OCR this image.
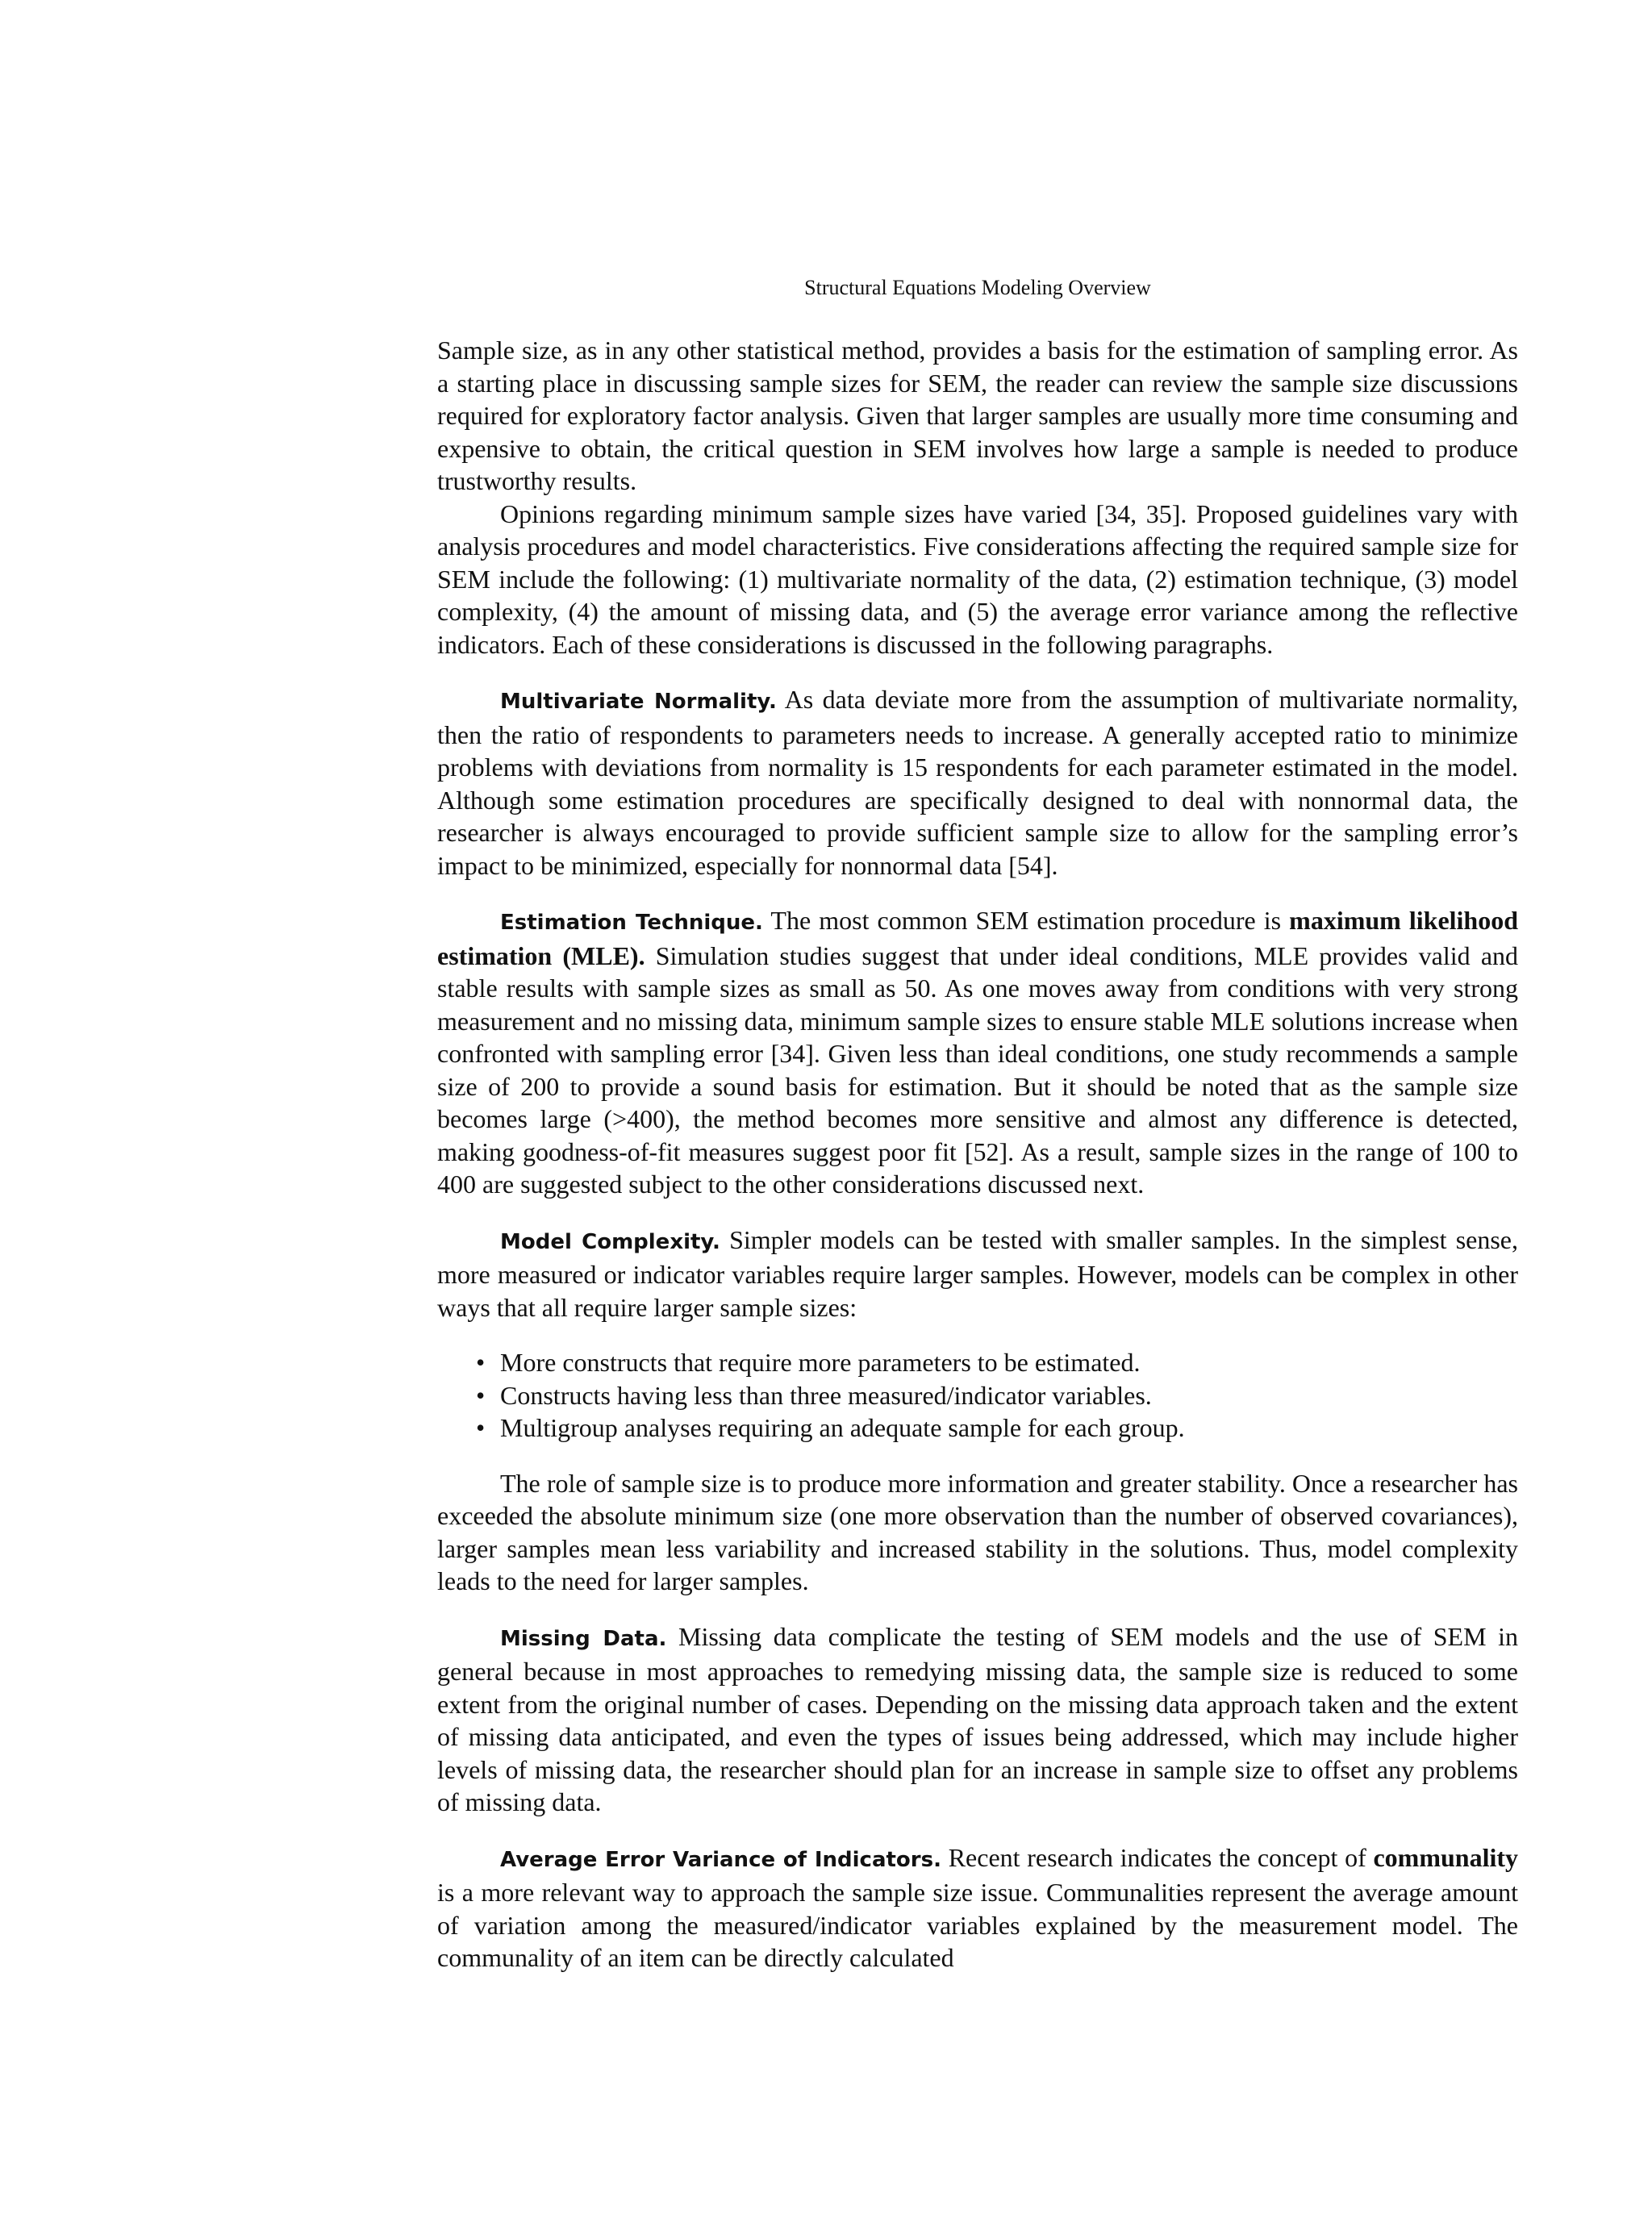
Structural Equations Modeling Overview

Sample size, as in any other statistical method, provides a basis for the estimation of sampling error. As a starting place in discussing sample sizes for SEM, the reader can review the sample size discussions required for exploratory factor analysis. Given that larger samples are usually more time consuming and expensive to obtain, the critical question in SEM involves how large a sample is needed to produce trustworthy results.

Opinions regarding minimum sample sizes have varied [34, 35]. Proposed guidelines vary with analysis procedures and model characteristics. Five considerations affecting the required sample size for SEM include the following: (1) multivariate normality of the data, (2) estimation technique, (3) model complexity, (4) the amount of missing data, and (5) the average error variance among the reflective indicators. Each of these considerations is discussed in the following paragraphs.

Multivariate Normality. As data deviate more from the assumption of multivariate normality, then the ratio of respondents to parameters needs to increase. A generally accepted ratio to minimize problems with deviations from normality is 15 respondents for each parameter estimated in the model. Although some estimation procedures are specifically designed to deal with nonnormal data, the researcher is always encouraged to provide sufficient sample size to allow for the sampling error’s impact to be minimized, especially for nonnormal data [54].

Estimation Technique. The most common SEM estimation procedure is maximum likelihood estimation (MLE). Simulation studies suggest that under ideal conditions, MLE provides valid and stable results with sample sizes as small as 50. As one moves away from conditions with very strong measurement and no missing data, minimum sample sizes to ensure stable MLE solutions increase when confronted with sampling error [34]. Given less than ideal conditions, one study recommends a sample size of 200 to provide a sound basis for estimation. But it should be noted that as the sample size becomes large (>400), the method becomes more sensitive and almost any difference is detected, making goodness-of-fit measures suggest poor fit [52]. As a result, sample sizes in the range of 100 to 400 are suggested subject to the other considerations discussed next.

Model Complexity. Simpler models can be tested with smaller samples. In the simplest sense, more measured or indicator variables require larger samples. However, models can be complex in other ways that all require larger sample sizes:

• More constructs that require more parameters to be estimated.
• Constructs having less than three measured/indicator variables.
• Multigroup analyses requiring an adequate sample for each group.

The role of sample size is to produce more information and greater stability. Once a researcher has exceeded the absolute minimum size (one more observation than the number of observed covariances), larger samples mean less variability and increased stability in the solutions. Thus, model complexity leads to the need for larger samples.

Missing Data. Missing data complicate the testing of SEM models and the use of SEM in general because in most approaches to remedying missing data, the sample size is reduced to some extent from the original number of cases. Depending on the missing data approach taken and the extent of missing data anticipated, and even the types of issues being addressed, which may include higher levels of missing data, the researcher should plan for an increase in sample size to offset any problems of missing data.

Average Error Variance of Indicators. Recent research indicates the concept of communality is a more relevant way to approach the sample size issue. Communalities represent the average amount of variation among the measured/indicator variables explained by the measurement model. The communality of an item can be directly calculated
